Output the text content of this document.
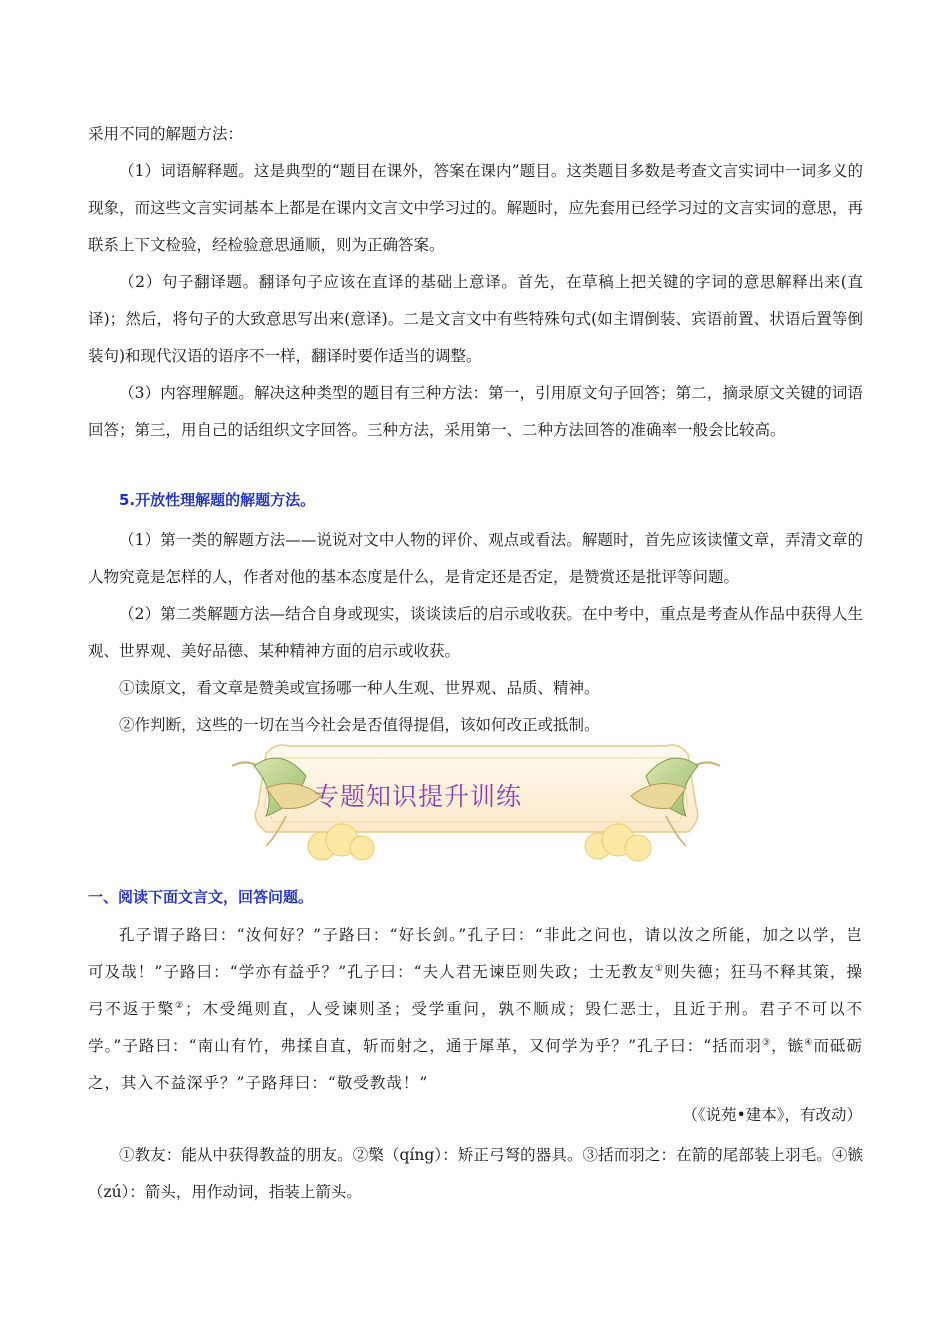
采用不同的解题方法：

（1）词语解释题。这是典型的“题目在课外，答案在课内”题目。这类题目多数是考查文言实词中一词多义的现象，而这些文言实词基本上都是在课内文言文中学习过的。解题时，应先套用已经学习过的文言实词的意思，再联系上下文检验，经检验意思通顺，则为正确答案。

（2）句子翻译题。翻译句子应该在直译的基础上意译。首先，在草稿上把关键的字词的意思解释出来(直译)；然后，将句子的大致意思写出来(意译)。二是文言文中有些特殊句式(如主谓倒装、宾语前置、状语后置等倒装句)和现代汉语的语序不一样，翻译时要作适当的调整。

（3）内容理解题。解决这种类型的题目有三种方法：第一，引用原文句子回答；第二，摘录原文关键的词语回答；第三，用自己的话组织文字回答。三种方法，采用第一、二种方法回答的准确率一般会比较高。

5.开放性理解题的解题方法。

（1）第一类的解题方法——说说对文中人物的评价、观点或看法。解题时，首先应该读懂文章，弄清文章的人物究竟是怎样的人，作者对他的基本态度是什么，是肯定还是否定，是赞赏还是批评等问题。

（2）第二类解题方法—结合自身或现实，谈谈读后的启示或收获。在中考中，重点是考查从作品中获得人生观、世界观、美好品德、某种精神方面的启示或收获。

①读原文，看文章是赞美或宣扬哪一种人生观、世界观、品质、精神。

②作判断，这些的一切在当今社会是否值得提倡，该如何改正或抵制。

专题知识提升训练
一、阅读下面文言文，回答问题。

孔子谓子路曰：“汝何好？”子路曰：“好长剑。”孔子曰：“非此之问也，请以汝之所能，加之以学，岂可及哉！”子路曰：“学亦有益乎？”孔子曰：“夫人君无谏臣则失政；士无教友①则失德；狂马不释其策，操弓不返于檠②；木受绳则直，人受谏则圣；受学重问，孰不顺成；毁仁恶士，且近于刑。君子不可以不学。”子路曰：“南山有竹，弗揉自直，斩而射之，通于犀革，又何学为乎？”孔子曰：“括而羽③，镞④而砥砺之，其入不益深乎？”子路拜曰：“敬受教哉！”

（《说苑•建本》，有改动）

①教友：能从中获得教益的朋友。②檠（qíng）：矫正弓弩的器具。③括而羽之：在箭的尾部装上羽毛。④镞（zú）：箭头，用作动词，指装上箭头。
